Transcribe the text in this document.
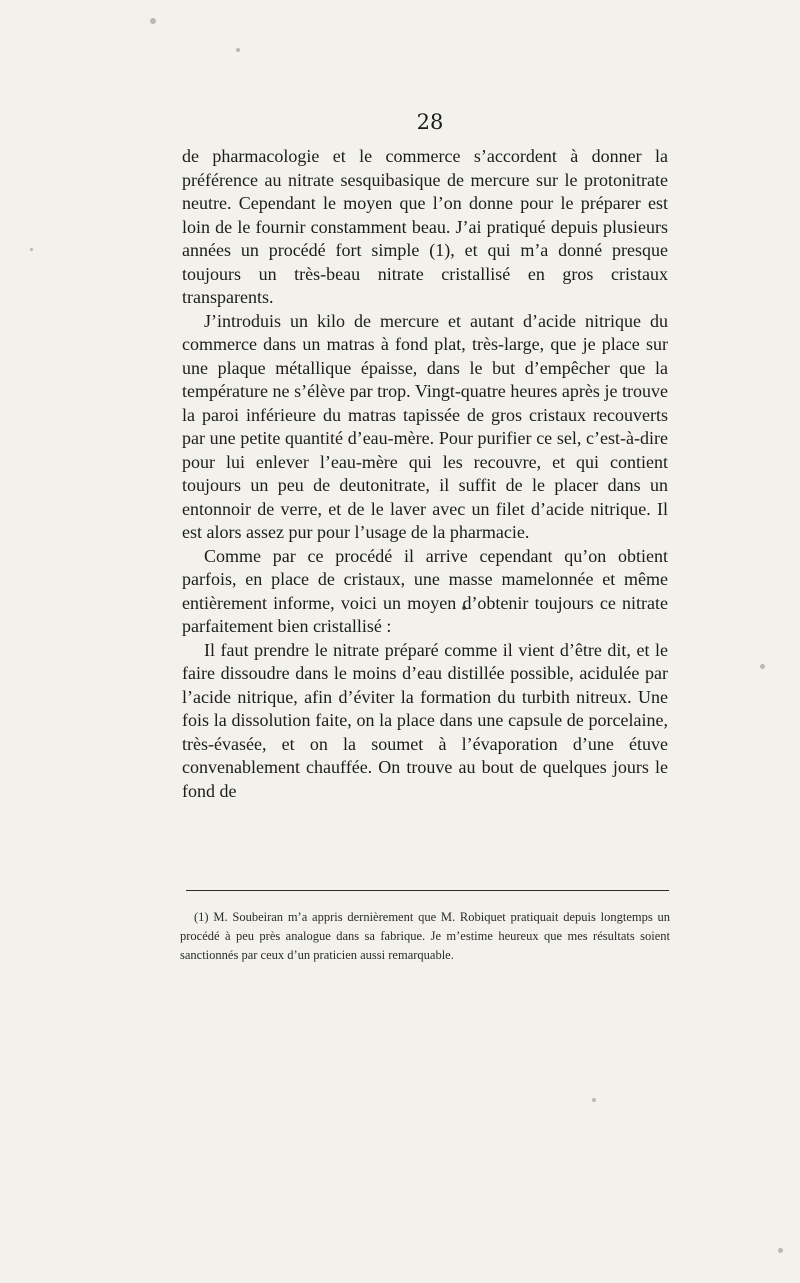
28

de pharmacologie et le commerce s’accordent à donner la préférence au nitrate sesquibasique de mercure sur le protonitrate neutre. Cependant le moyen que l’on donne pour le préparer est loin de le fournir constamment beau. J’ai pratiqué depuis plusieurs années un procédé fort simple (1), et qui m’a donné presque toujours un très-beau nitrate cristallisé en gros cristaux transparents.

J’introduis un kilo de mercure et autant d’acide nitrique du commerce dans un matras à fond plat, très-large, que je place sur une plaque métallique épaisse, dans le but d’empêcher que la température ne s’élève par trop. Vingt-quatre heures après je trouve la paroi inférieure du matras tapissée de gros cristaux recouverts par une petite quantité d’eau-mère. Pour purifier ce sel, c’est-à-dire pour lui enlever l’eau-mère qui les recouvre, et qui contient toujours un peu de deutonitrate, il suffit de le placer dans un entonnoir de verre, et de le laver avec un filet d’acide nitrique. Il est alors assez pur pour l’usage de la pharmacie.

Comme par ce procédé il arrive cependant qu’on obtient parfois, en place de cristaux, une masse mamelonnée et même entièrement informe, voici un moyen d’obtenir toujours ce nitrate parfaitement bien cristallisé :

Il faut prendre le nitrate préparé comme il vient d’être dit, et le faire dissoudre dans le moins d’eau distillée possible, acidulée par l’acide nitrique, afin d’éviter la formation du turbith nitreux. Une fois la dissolution faite, on la place dans une capsule de porcelaine, très-évasée, et on la soumet à l’évaporation d’une étuve convenablement chauffée. On trouve au bout de quelques jours le fond de

(1) M. Soubeiran m’a appris dernièrement que M. Robiquet pratiquait depuis longtemps un procédé à peu près analogue dans sa fabrique. Je m’estime heureux que mes résultats soient sanctionnés par ceux d’un praticien aussi remarquable.
